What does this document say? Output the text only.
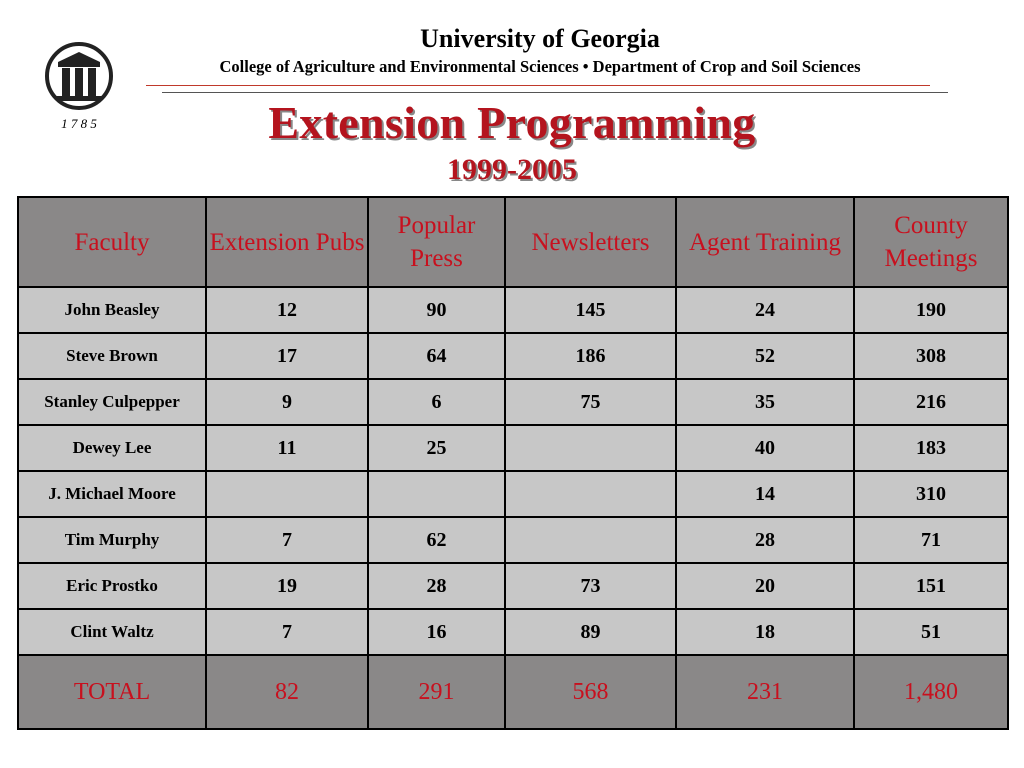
1 7 8 5
University of Georgia
College of Agriculture and Environmental Sciences • Department of Crop and Soil Sciences
Extension Programming
1999-2005
Faculty	Extension Pubs	Popular Press	Newsletters	Agent Training	County Meetings
John Beasley	12	90	145	24	190
Steve Brown	17	64	186	52	308
Stanley Culpepper	9	6	75	35	216
Dewey Lee	11	25		40	183
J. Michael Moore				14	310
Tim Murphy	7	62		28	71
Eric Prostko	19	28	73	20	151
Clint Waltz	7	16	89	18	51
TOTAL	82	291	568	231	1,480
